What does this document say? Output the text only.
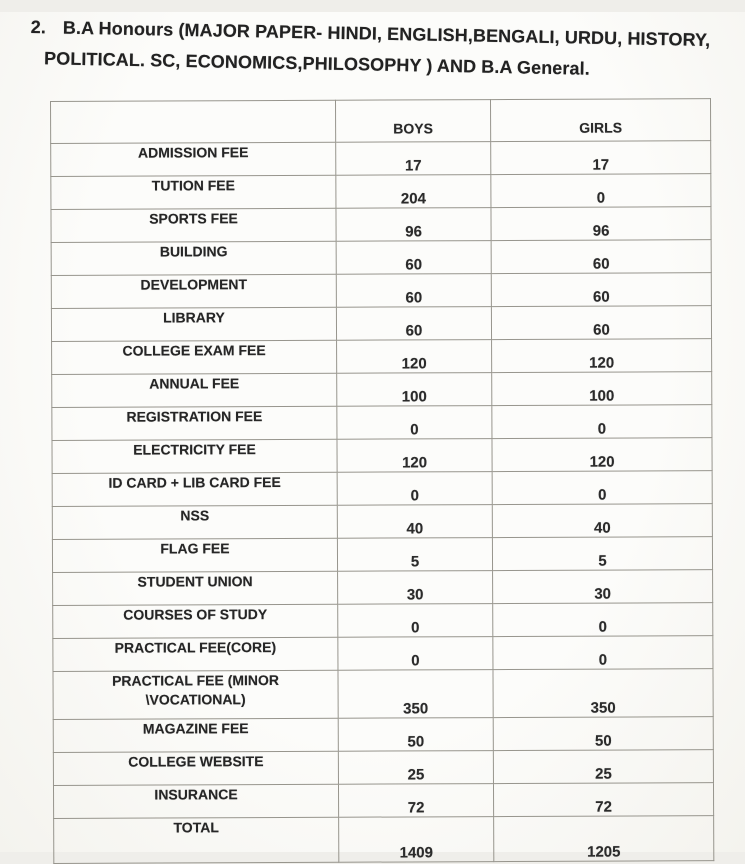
2. B.A Honours (MAJOR PAPER- HINDI, ENGLISH,BENGALI, URDU, HISTORY,
POLITICAL. SC, ECONOMICS,PHILOSOPHY ) AND B.A General.
	BOYS	GIRLS
ADMISSION FEE	17	17
TUTION FEE	204	0
SPORTS FEE	96	96
BUILDING	60	60
DEVELOPMENT	60	60
LIBRARY	60	60
COLLEGE EXAM FEE	120	120
ANNUAL FEE	100	100
REGISTRATION FEE	0	0
ELECTRICITY FEE	120	120
ID CARD + LIB CARD FEE	0	0
NSS	40	40
FLAG FEE	5	5
STUDENT UNION	30	30
COURSES OF STUDY	0	0
PRACTICAL FEE(CORE)	0	0
PRACTICAL FEE (MINOR \VOCATIONAL)	350	350
MAGAZINE FEE	50	50
COLLEGE WEBSITE	25	25
INSURANCE	72	72
TOTAL	1409	1205
